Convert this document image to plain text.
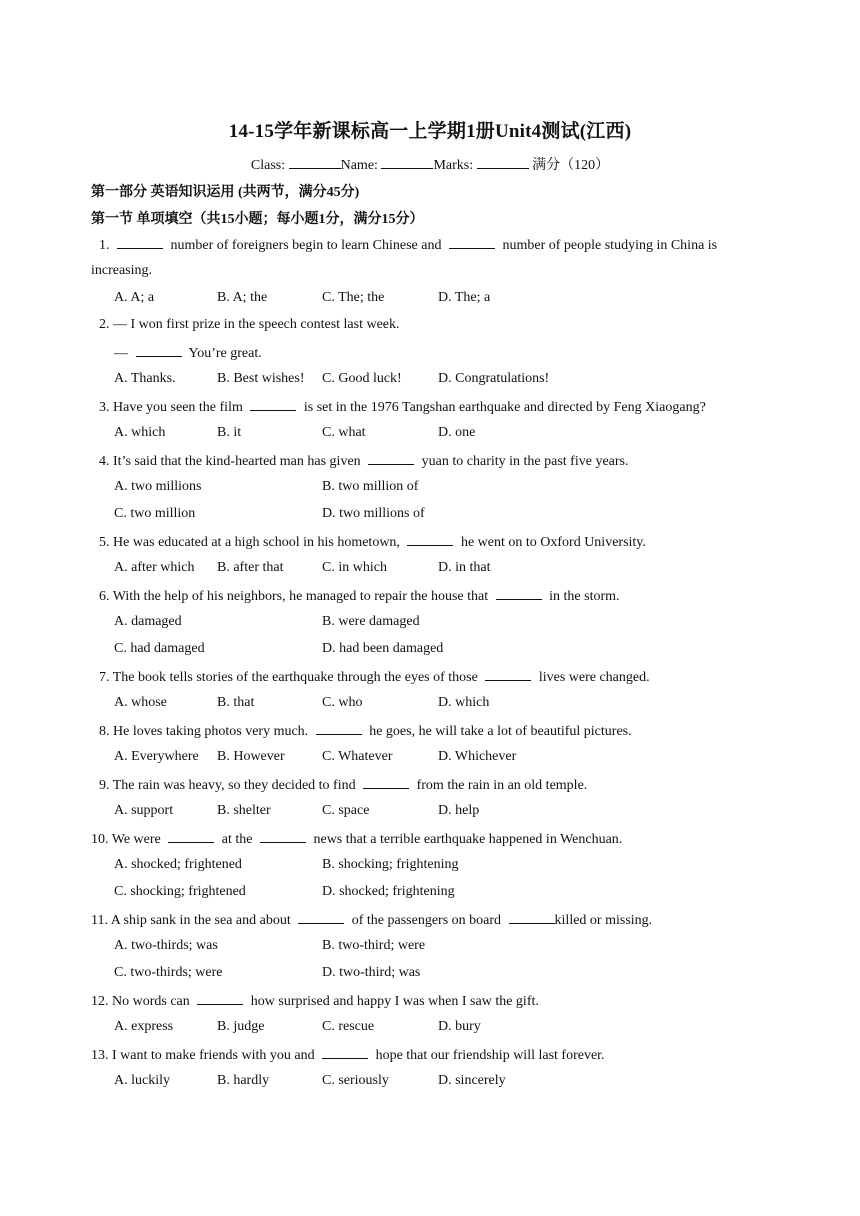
14-15学年新课标高一上学期1册Unit4测试(江西)
Class:	Name:	Marks:	满分（120）
第一部分 英语知识运用 (共两节，满分45分)
第一节 单项填空（共15小题；每小题1分，满分15分）
1.	number of foreigners begin to learn Chinese and	number of people studying in China is
increasing.
A. A; a	B. A; the	C. The; the	D. The; a
2. — I won first prize in the speech contest last week.
—	You’re great.
A. Thanks.	B. Best wishes! C. Good luck!	D. Congratulations!
3. Have you seen the film	is set in the 1976 Tangshan earthquake and directed by Feng Xiaogang?
A. which	B. it	C. what	D. one
4. It’s said that the kind-hearted man has given	yuan to charity in the past five years.
A. two millions	B. two million of
C. two million	D. two millions of
5. He was educated at a high school in his hometown,	he went on to Oxford University.
A. after which B. after that	C. in which	D. in that
6. With the help of his neighbors, he managed to repair the house that	in the storm.
A. damaged	B. were damaged
C. had damaged	D. had been damaged
7. The book tells stories of the earthquake through the eyes of those	lives were changed.
A. whose	B. that	C. who	D. which
8. He loves taking photos very much.	he goes, he will take a lot of beautiful pictures.
A. Everywhere B. However	C. Whatever	D. Whichever
9. The rain was heavy, so they decided to find	from the rain in an old temple.
A. support	B. shelter	C. space	D. help
10. We were	at the	news that a terrible earthquake happened in Wenchuan.
A. shocked; frightened	B. shocking; frightening
C. shocking; frightened	D. shocked; frightening
11. A ship sank in the sea and about	of the passengers on board	killed or missing.
A. two-thirds; was	B. two-third; were
C. two-thirds; were	D. two-third; was
12. No words can	how surprised and happy I was when I saw the gift.
A. express	B. judge	C. rescue	D. bury
13. I want to make friends with you and	hope that our friendship will last forever.
A. luckily	B. hardly	C. seriously	D. sincerely
